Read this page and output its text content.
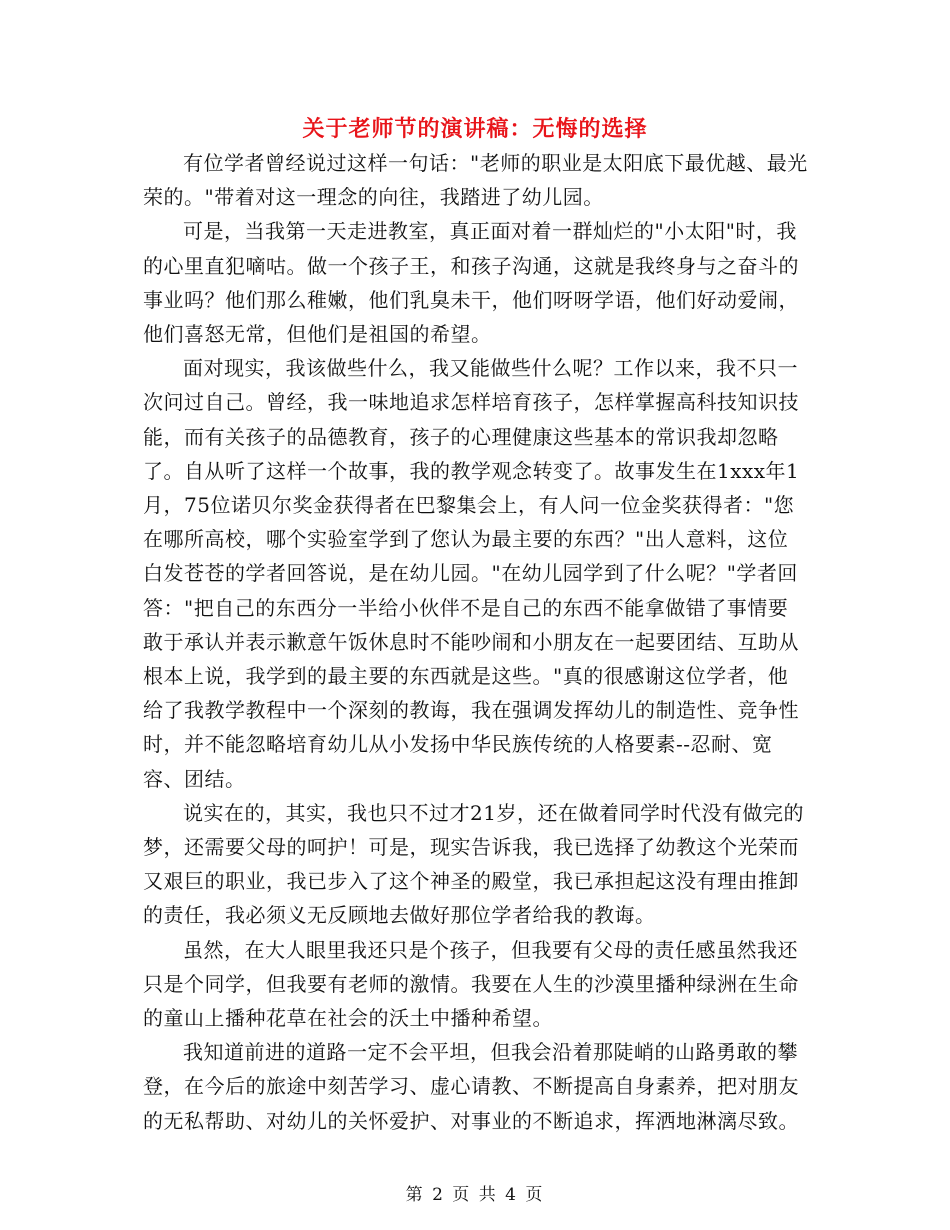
关于老师节的演讲稿：无悔的选择

有位学者曾经说过这样一句话："老师的职业是太阳底下最优越、最光荣的。"带着对这一理念的向往，我踏进了幼儿园。

可是，当我第一天走进教室，真正面对着一群灿烂的"小太阳"时，我的心里直犯嘀咕。做一个孩子王，和孩子沟通，这就是我终身与之奋斗的事业吗？他们那么稚嫩，他们乳臭未干，他们呀呀学语，他们好动爱闹，他们喜怒无常，但他们是祖国的希望。

面对现实，我该做些什么，我又能做些什么呢？工作以来，我不只一次问过自己。曾经，我一味地追求怎样培育孩子，怎样掌握高科技知识技能，而有关孩子的品德教育，孩子的心理健康这些基本的常识我却忽略了。自从听了这样一个故事，我的教学观念转变了。故事发生在1xxx年1月，75位诺贝尔奖金获得者在巴黎集会上，有人问一位金奖获得者："您在哪所高校，哪个实验室学到了您认为最主要的东西？"出人意料，这位白发苍苍的学者回答说，是在幼儿园。"在幼儿园学到了什么呢？"学者回答："把自己的东西分一半给小伙伴不是自己的东西不能拿做错了事情要敢于承认并表示歉意午饭休息时不能吵闹和小朋友在一起要团结、互助从根本上说，我学到的最主要的东西就是这些。"真的很感谢这位学者，他给了我教学教程中一个深刻的教诲，我在强调发挥幼儿的制造性、竞争性时，并不能忽略培育幼儿从小发扬中华民族传统的人格要素--忍耐、宽容、团结。

说实在的，其实，我也只不过才21岁，还在做着同学时代没有做完的梦，还需要父母的呵护！可是，现实告诉我，我已选择了幼教这个光荣而又艰巨的职业，我已步入了这个神圣的殿堂，我已承担起这没有理由推卸的责任，我必须义无反顾地去做好那位学者给我的教诲。

虽然，在大人眼里我还只是个孩子，但我要有父母的责任感虽然我还只是个同学，但我要有老师的激情。我要在人生的沙漠里播种绿洲在生命的童山上播种花草在社会的沃土中播种希望。

我知道前进的道路一定不会平坦，但我会沿着那陡峭的山路勇敢的攀登，在今后的旅途中刻苦学习、虚心请教、不断提高自身素养，把对朋友的无私帮助、对幼儿的关怀爱护、对事业的不断追求，挥洒地淋漓尽致。

第 2 页 共 4 页
